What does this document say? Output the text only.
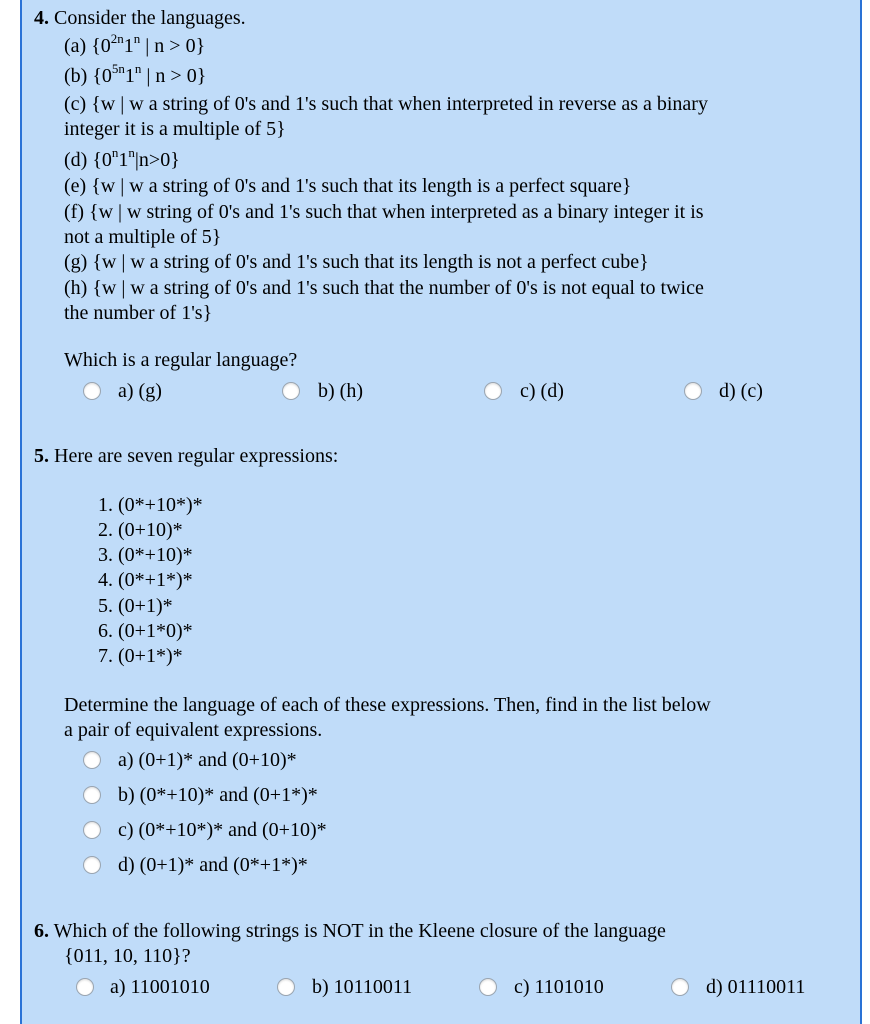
4. Consider the languages.
(a) {$0^{2n}1^n$ | n > 0}
(b) {$0^{5n}1^n$ | n > 0}
(c) {w | w a string of 0's and 1's such that when interpreted in reverse as a binary
integer it is a multiple of 5}
(d) $\{0^n1^n|n>0\}$
(e) {w | w a string of 0's and 1's such that its length is a perfect square}
(f) {w | w string of 0's and 1's such that when interpreted as a binary integer it is
not a multiple of 5}
(g) {w | w a string of 0's and 1's such that its length is not a perfect cube}
(h) {w | w a string of 0's and 1's such that the number of 0's is not equal to twice
the number of 1's}
Which is a regular language?
a) (g)	b) (h)	c) (d)	d) (c)
5. Here are seven regular expressions:
1. (0*+10*)*
2. (0+10)*
3. (0*+10)*
4. (0*+1*)*
5. (0+1)*
6. (0+1*0)*
7. (0+1*)*
Determine the language of each of these expressions. Then, find in the list below
a pair of equivalent expressions.
a) (0+1)* and (0+10)*
b) (0*+10)* and (0+1*)*
c) (0*+10*)* and (0+10)*
d) (0+1)* and (0*+1*)*
6. Which of the following strings is NOT in the Kleene closure of the language
{011, 10, 110}?
a) 11001010	b) 10110011	c) 1101010	d) 01110011
